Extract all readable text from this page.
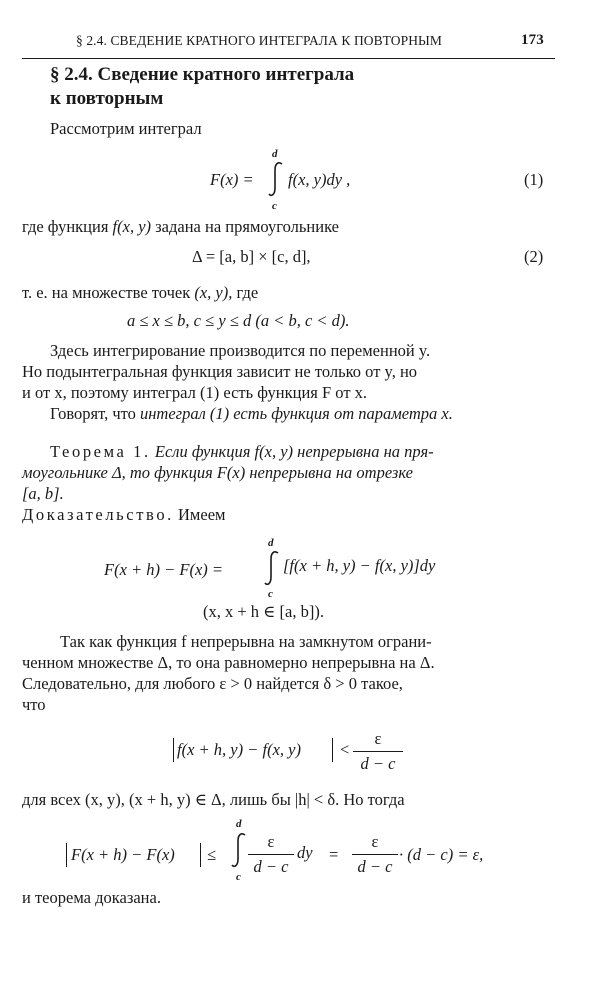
§ 2.4. СВЕДЕНИЕ КРАТНОГО ИНТЕГРАЛА К ПОВТОРНЫМ	173
§ 2.4. Сведение кратного интеграла
к повторным
Рассмотрим интеграл
F(x) =
d
c
f(x, y)dy ,	(1)
где функция f(x, y) задана на прямоугольнике
Δ = [a, b] × [c, d],	(2)
т. е. на множестве точек (x, y), где
a ≤ x ≤ b, c ≤ y ≤ d (a < b, c < d).
Здесь интегрирование производится по переменной y.
Но подынтегральная функция зависит не только от y, но
и от x, поэтому интеграл (1) есть функция F от x.
Говорят, что интеграл (1) есть функция от параметра x.
Теорема 1. Если функция f(x, y) непрерывна на пря-
моугольнике Δ, то функция F(x) непрерывна на отрезке
[a, b].
Доказательство. Имеем
F(x + h) − F(x) =
d
c
[f(x + h, y) − f(x, y)]dy
(x, x + h ∈ [a, b]).
Так как функция f непрерывна на замкнутом ограни-
ченном множестве Δ, то она равномерно непрерывна на Δ.
Следовательно, для любого ε > 0 найдется δ > 0 такое,
что
f(x + h, y) − f(x, y) <
ε
d − c
для всех (x, y), (x + h, y) ∈ Δ, лишь бы |h| < δ. Но тогда
F(x + h) − F(x) ≤
d
c
ε
d − c
dy =
ε
d − c
· (d − c) = ε,
и теорема доказана.
